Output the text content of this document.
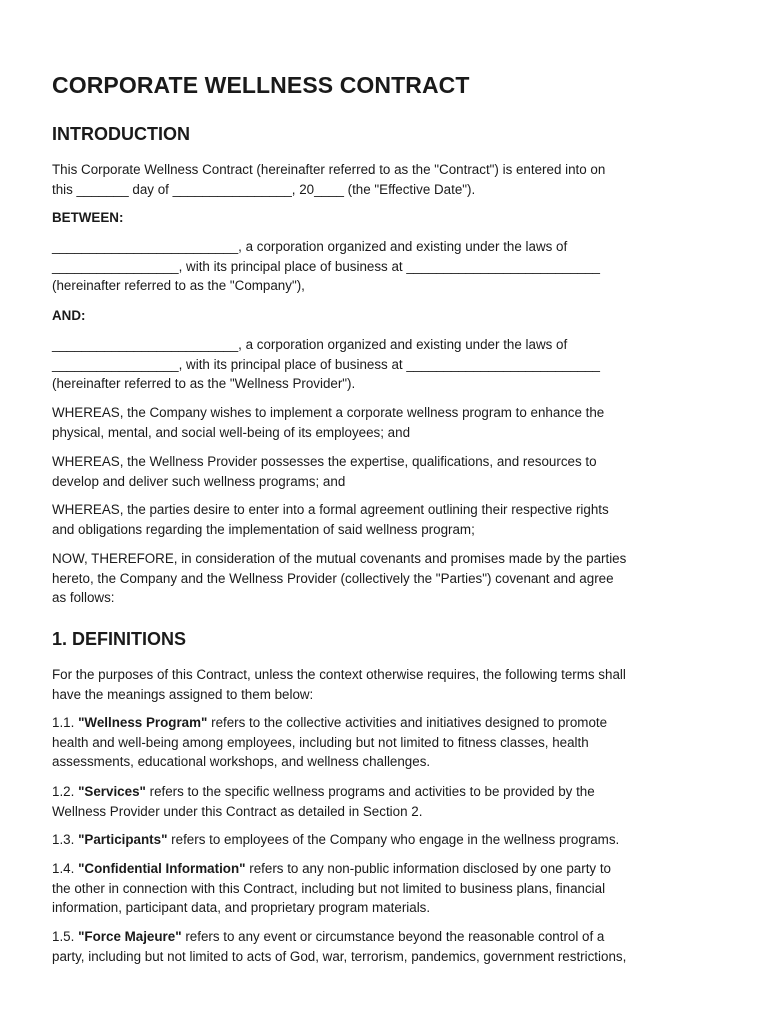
CORPORATE WELLNESS CONTRACT
INTRODUCTION

This Corporate Wellness Contract (hereinafter referred to as the "Contract") is entered into on
this _______ day of ________________, 20____ (the "Effective Date").

BETWEEN:

_________________________, a corporation organized and existing under the laws of
_________________, with its principal place of business at __________________________
(hereinafter referred to as the "Company"),

AND:

_________________________, a corporation organized and existing under the laws of
_________________, with its principal place of business at __________________________
(hereinafter referred to as the "Wellness Provider").

WHEREAS, the Company wishes to implement a corporate wellness program to enhance the
physical, mental, and social well-being of its employees; and

WHEREAS, the Wellness Provider possesses the expertise, qualifications, and resources to
develop and deliver such wellness programs; and

WHEREAS, the parties desire to enter into a formal agreement outlining their respective rights
and obligations regarding the implementation of said wellness program;

NOW, THEREFORE, in consideration of the mutual covenants and promises made by the parties
hereto, the Company and the Wellness Provider (collectively the "Parties") covenant and agree
as follows:

1. DEFINITIONS

For the purposes of this Contract, unless the context otherwise requires, the following terms shall
have the meanings assigned to them below:

1.1. "Wellness Program" refers to the collective activities and initiatives designed to promote
health and well-being among employees, including but not limited to fitness classes, health
assessments, educational workshops, and wellness challenges.

1.2. "Services" refers to the specific wellness programs and activities to be provided by the
Wellness Provider under this Contract as detailed in Section 2.

1.3. "Participants" refers to employees of the Company who engage in the wellness programs.

1.4. "Confidential Information" refers to any non-public information disclosed by one party to
the other in connection with this Contract, including but not limited to business plans, financial
information, participant data, and proprietary program materials.

1.5. "Force Majeure" refers to any event or circumstance beyond the reasonable control of a
party, including but not limited to acts of God, war, terrorism, pandemics, government restrictions,
